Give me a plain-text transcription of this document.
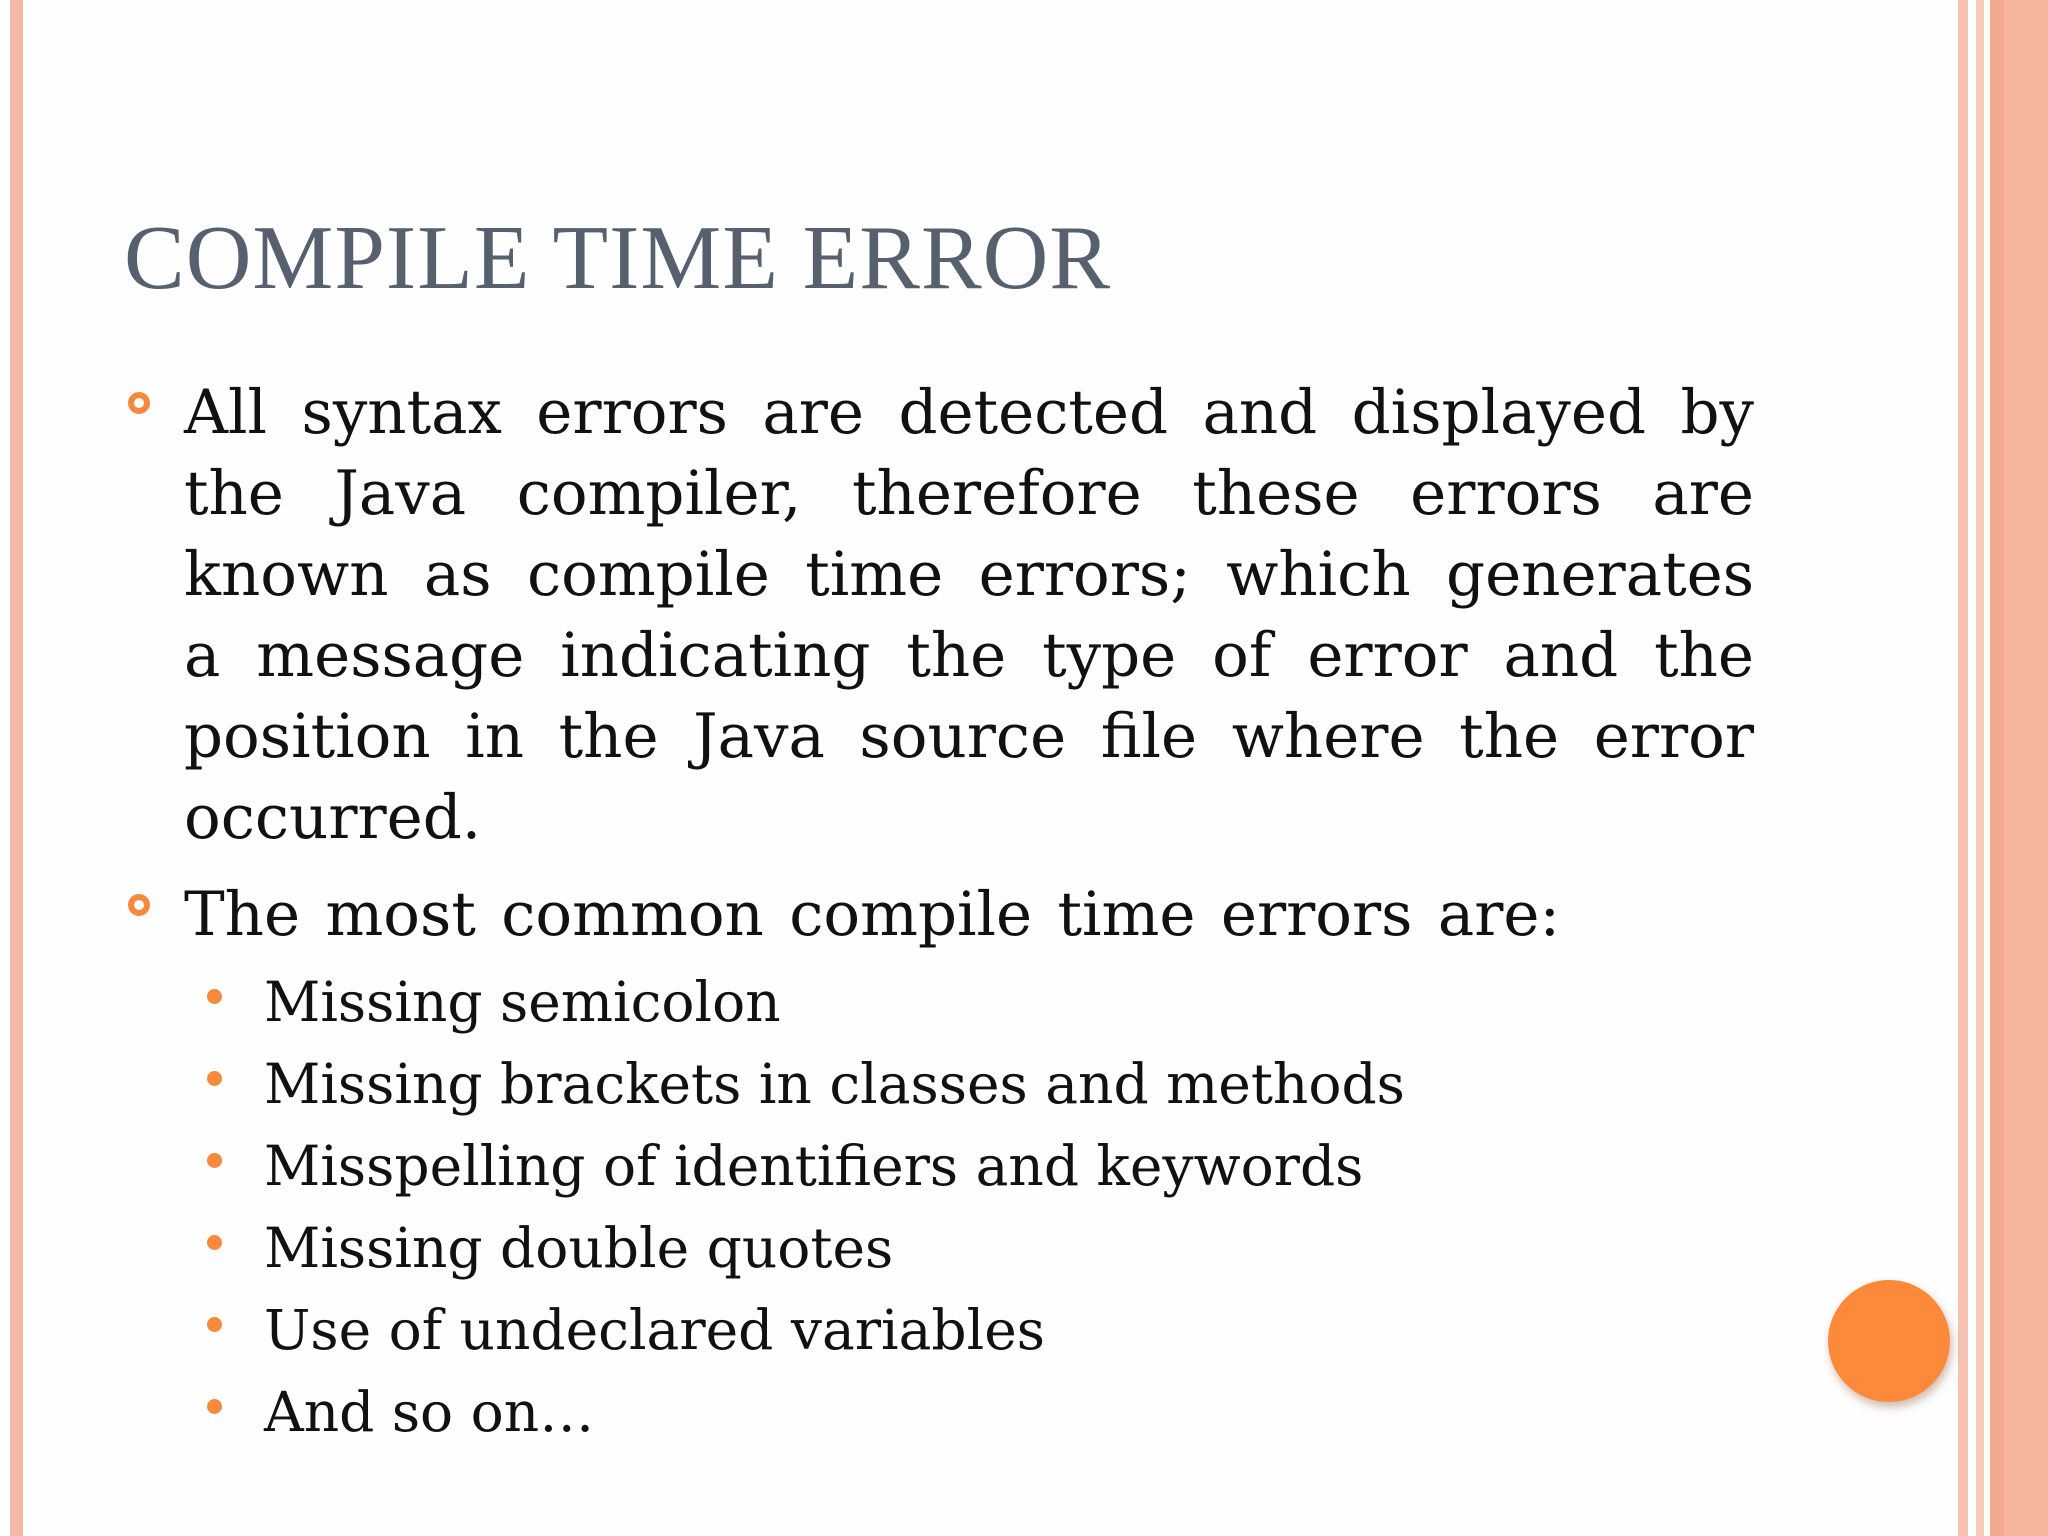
COMPILE TIME ERROR
All syntax errors are detected and displayed by the Java compiler, therefore these errors are known as compile time errors; which generates a message indicating the type of error and the position in the Java source file where the error occurred.
The most common compile time errors are:
Missing semicolon
Missing brackets in classes and methods
Misspelling of identifiers and keywords
Missing double quotes
Use of undeclared variables
And so on…
